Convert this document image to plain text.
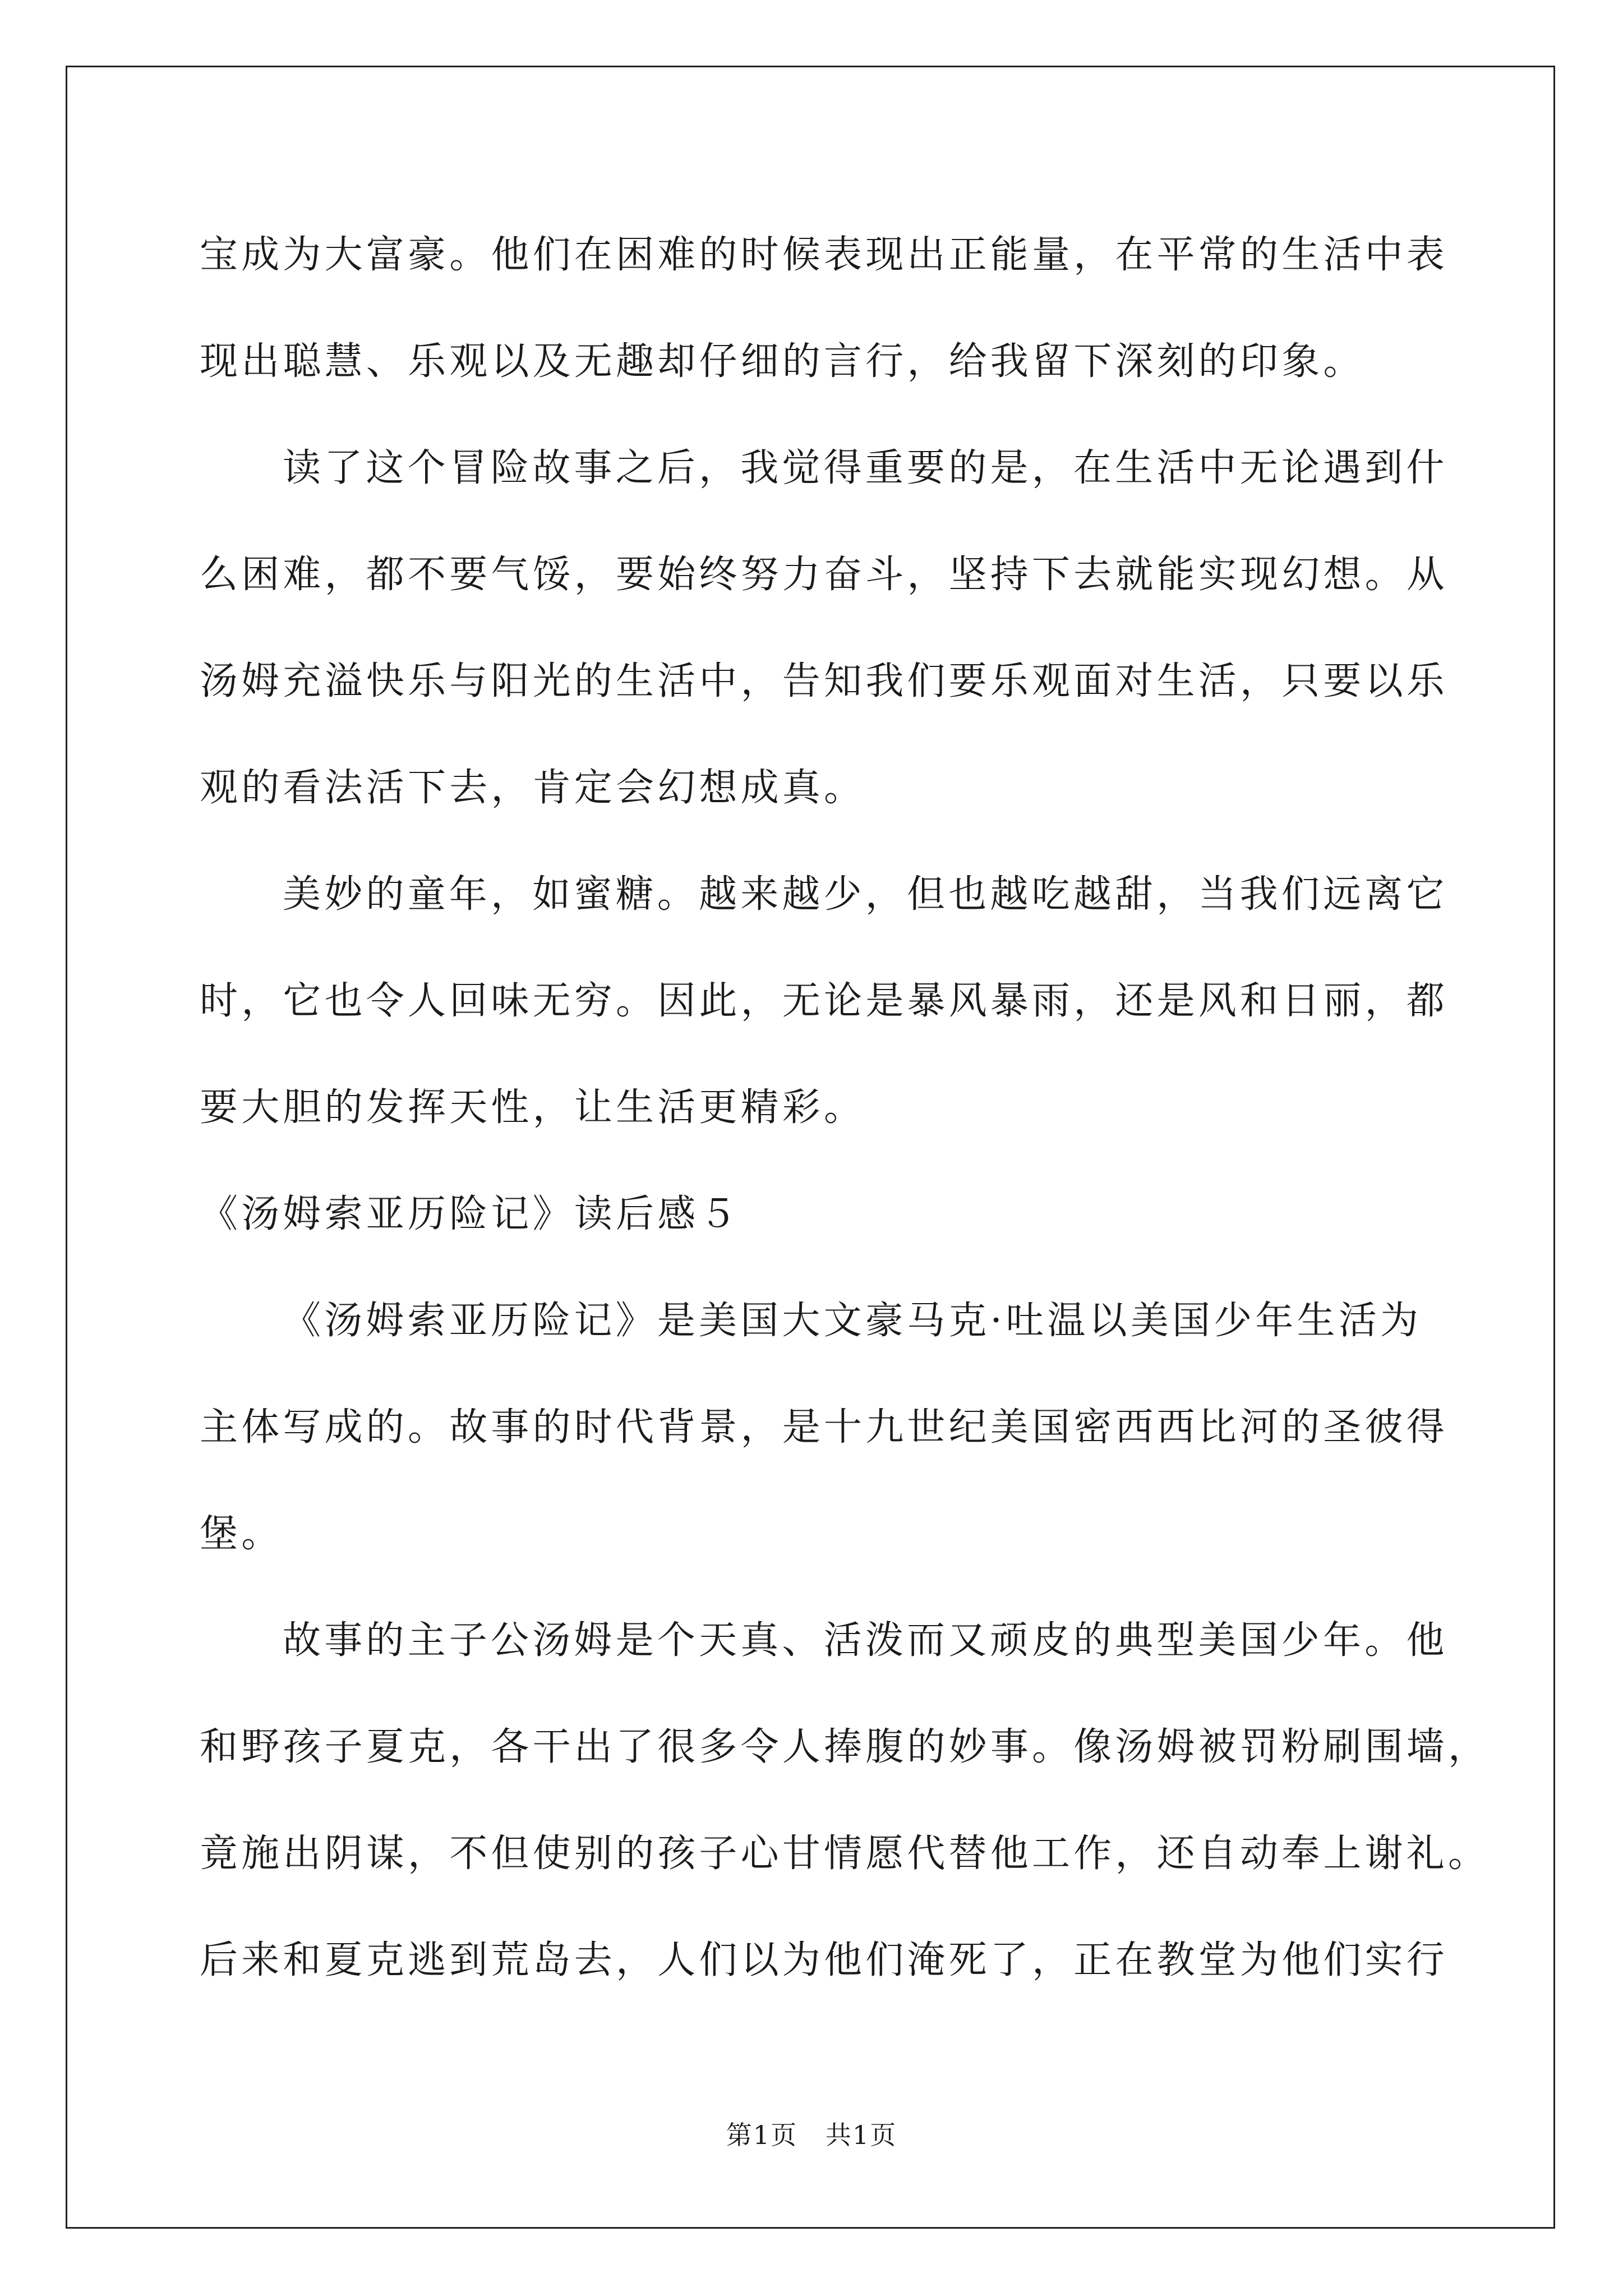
宝成为大富豪。他们在困难的时候表现出正能量，在平常的生活中表
现出聪慧、乐观以及无趣却仔细的言行，给我留下深刻的印象。
读了这个冒险故事之后，我觉得重要的是，在生活中无论遇到什
么困难，都不要气馁，要始终努力奋斗，坚持下去就能实现幻想。从
汤姆充溢快乐与阳光的生活中，告知我们要乐观面对生活，只要以乐
观的看法活下去，肯定会幻想成真。
美妙的童年，如蜜糖。越来越少，但也越吃越甜，当我们远离它
时，它也令人回味无穷。因此，无论是暴风暴雨，还是风和日丽，都
要大胆的发挥天性，让生活更精彩。
《汤姆索亚历险记》读后感５
《汤姆索亚历险记》是美国大文豪马克·吐温以美国少年生活为
主体写成的。故事的时代背景，是十九世纪美国密西西比河的圣彼得
堡。
故事的主子公汤姆是个天真、活泼而又顽皮的典型美国少年。他
和野孩子夏克，各干出了很多令人捧腹的妙事。像汤姆被罚粉刷围墙，
竟施出阴谋，不但使别的孩子心甘情愿代替他工作，还自动奉上谢礼。
后来和夏克逃到荒岛去，人们以为他们淹死了，正在教堂为他们实行
第1页   共1页
